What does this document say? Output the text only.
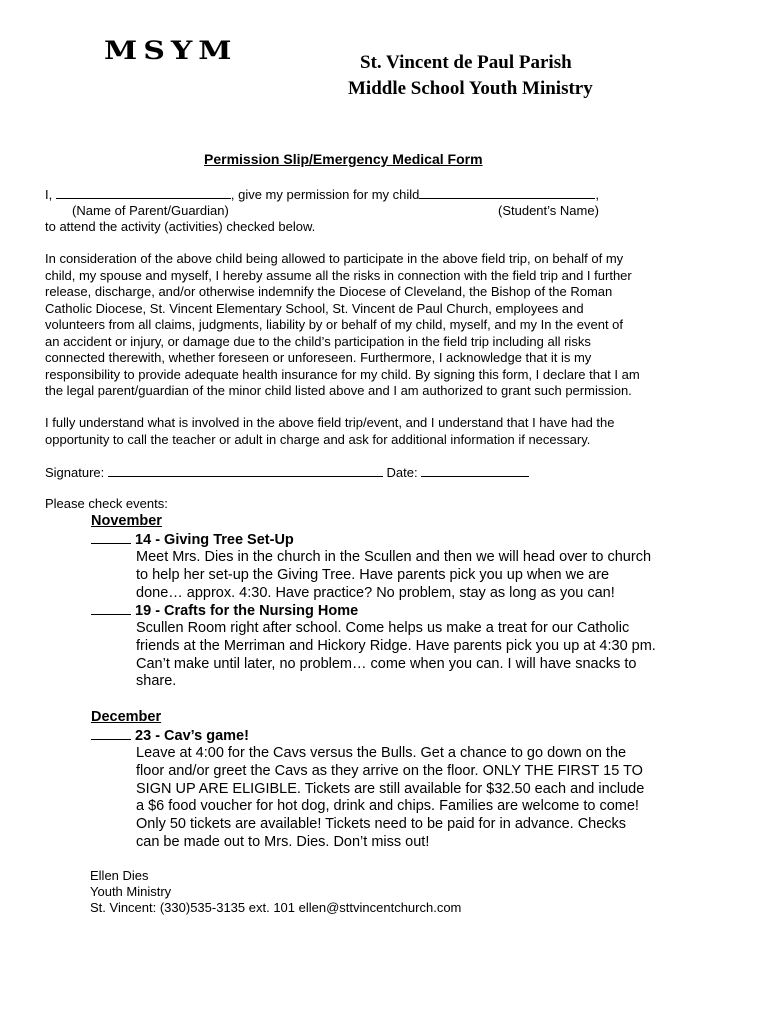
MSYM	St. Vincent de Paul Parish
Middle School Youth Ministry
Permission Slip/Emergency Medical Form
I,	, give my permission for my child	,
(Name of Parent/Guardian)	(Student’s Name)
to attend the activity (activities) checked below.
In consideration of the above child being allowed to participate in the above field trip, on behalf of my
child, my spouse and myself, I hereby assume all the risks in connection with the field trip and I further
release, discharge, and/or otherwise indemnify the Diocese of Cleveland, the Bishop of the Roman
Catholic Diocese, St. Vincent Elementary School, St. Vincent de Paul Church, employees and
volunteers from all claims, judgments, liability by or behalf of my child, myself, and my In the event of
an accident or injury, or damage due to the child’s participation in the field trip including all risks
connected therewith, whether foreseen or unforeseen. Furthermore, I acknowledge that it is my
responsibility to provide adequate health insurance for my child. By signing this form, I declare that I am
the legal parent/guardian of the minor child listed above and I am authorized to grant such permission.
I fully understand what is involved in the above field trip/event, and I understand that I have had the
opportunity to call the teacher or adult in charge and ask for additional information if necessary.
Signature:	Date:
Please check events:
November
14 - Giving Tree Set-Up
Meet Mrs. Dies in the church in the Scullen and then we will head over to church
to help her set-up the Giving Tree. Have parents pick you up when we are
done… approx. 4:30. Have practice? No problem, stay as long as you can!
19 - Crafts for the Nursing Home
Scullen Room right after school. Come helps us make a treat for our Catholic
friends at the Merriman and Hickory Ridge. Have parents pick you up at 4:30 pm.
Can’t make until later, no problem… come when you can. I will have snacks to
share.
December
23 - Cav’s game!
Leave at 4:00 for the Cavs versus the Bulls. Get a chance to go down on the
floor and/or greet the Cavs as they arrive on the floor. ONLY THE FIRST 15 TO
SIGN UP ARE ELIGIBLE. Tickets are still available for $32.50 each and include
a $6 food voucher for hot dog, drink and chips. Families are welcome to come!
Only 50 tickets are available! Tickets need to be paid for in advance. Checks
can be made out to Mrs. Dies. Don’t miss out!
Ellen Dies
Youth Ministry
St. Vincent: (330)535-3135 ext. 101 ellen@sttvincentchurch.com
